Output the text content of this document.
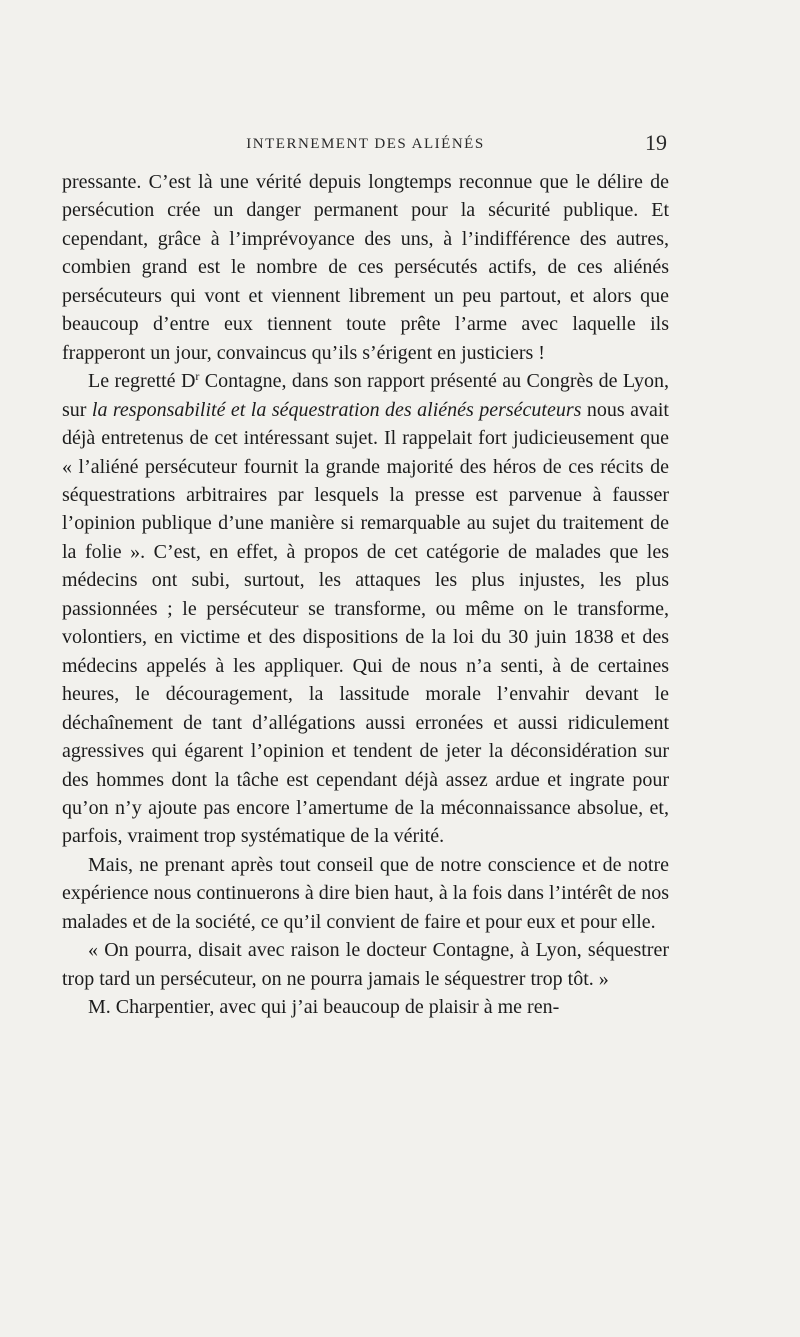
INTERNEMENT DES ALIÉNÉS	19

pressante. C’est là une vérité depuis longtemps reconnue que le délire de persécution crée un danger permanent pour la sécurité publique. Et cependant, grâce à l’imprévoyance des uns, à l’indifférence des autres, combien grand est le nombre de ces persécutés actifs, de ces aliénés persécuteurs qui vont et viennent librement un peu partout, et alors que beaucoup d’entre eux tiennent toute prête l’arme avec laquelle ils frapperont un jour, convaincus qu’ils s’érigent en justiciers !

Le regretté $D^r$ Contagne, dans son rapport présenté au Congrès de Lyon, sur la responsabilité et la séquestration des aliénés persécuteurs nous avait déjà entretenus de cet intéressant sujet. Il rappelait fort judicieusement que « l’aliéné persécuteur fournit la grande majorité des héros de ces récits de séquestrations arbitraires par lesquels la presse est parvenue à fausser l’opinion publique d’une manière si remarquable au sujet du traitement de la folie ». C’est, en effet, à propos de cet catégorie de malades que les médecins ont subi, surtout, les attaques les plus injustes, les plus passionnées ; le persécuteur se transforme, ou même on le transforme, volontiers, en victime et des dispositions de la loi du 30 juin 1838 et des médecins appelés à les appliquer. Qui de nous n’a senti, à de certaines heures, le découragement, la lassitude morale l’envahir devant le déchaînement de tant d’allégations aussi erronées et aussi ridiculement agressives qui égarent l’opinion et tendent de jeter la déconsidération sur des hommes dont la tâche est cependant déjà assez ardue et ingrate pour qu’on n’y ajoute pas encore l’amertume de la méconnaissance absolue, et, parfois, vraiment trop systématique de la vérité.

Mais, ne prenant après tout conseil que de notre conscience et de notre expérience nous continuerons à dire bien haut, à la fois dans l’intérêt de nos malades et de la société, ce qu’il convient de faire et pour eux et pour elle.

« On pourra, disait avec raison le docteur Contagne, à Lyon, séquestrer trop tard un persécuteur, on ne pourra jamais le séquestrer trop tôt. »

M. Charpentier, avec qui j’ai beaucoup de plaisir à me ren-
